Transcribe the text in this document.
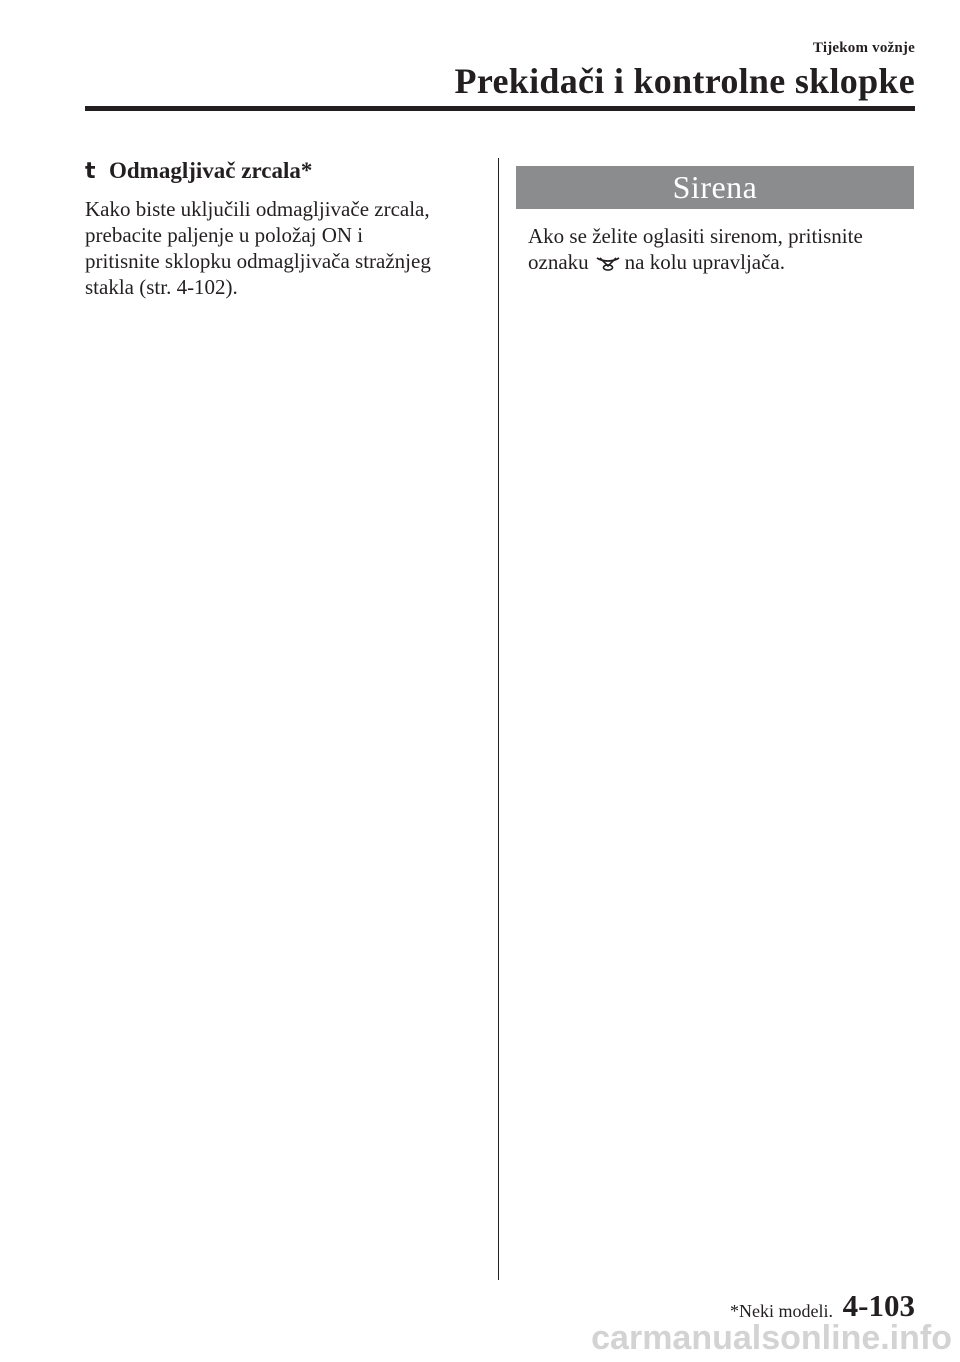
Tijekom vožnje
Prekidači i kontrolne sklopke
t Odmagljivač zrcala*

Kako biste uključili odmagljivače zrcala,
prebacite paljenje u položaj ON i
pritisnite sklopku odmagljivača stražnjeg
stakla (str. 4-102).

Sirena

Ako se želite oglasiti sirenom, pritisnite
oznaku na kolu upravljača.

*Neki modeli. 4-103
carmanualsonline.info
